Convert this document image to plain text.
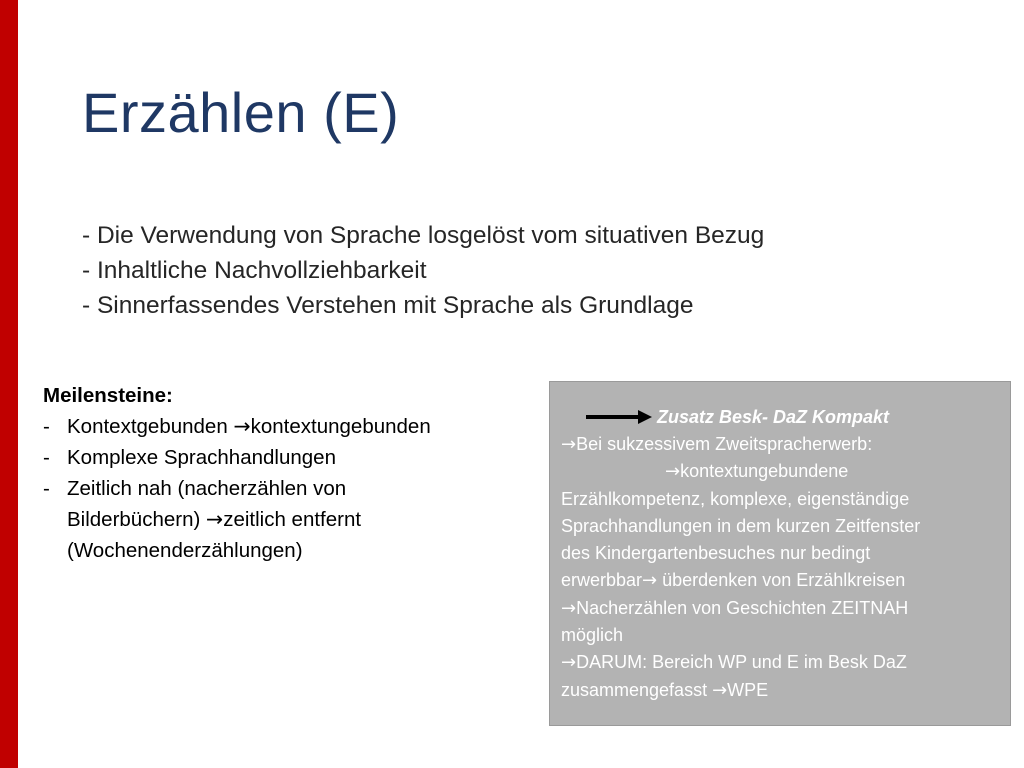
Erzählen (E)
- Die Verwendung von Sprache losgelöst vom situativen Bezug
- Inhaltliche Nachvollziehbarkeit
- Sinnerfassendes Verstehen mit Sprache als Grundlage
Meilensteine:
- Kontextgebunden →kontextungebunden
- Komplexe Sprachhandlungen
- Zeitlich nah (nacherzählen von
Bilderbüchern) →zeitlich entfernt
(Wochenenderzählungen)
Zusatz Besk- DaZ Kompakt
→Bei sukzessivem Zweitspracherwerb:
→kontextungebundene
Erzählkompetenz, komplexe, eigenständige
Sprachhandlungen in dem kurzen Zeitfenster
des Kindergartenbesuches nur bedingt
erwerbbar→ überdenken von Erzählkreisen
→Nacherzählen von Geschichten ZEITNAH
möglich
→DARUM: Bereich WP und E im Besk DaZ
zusammengefasst →WPE
